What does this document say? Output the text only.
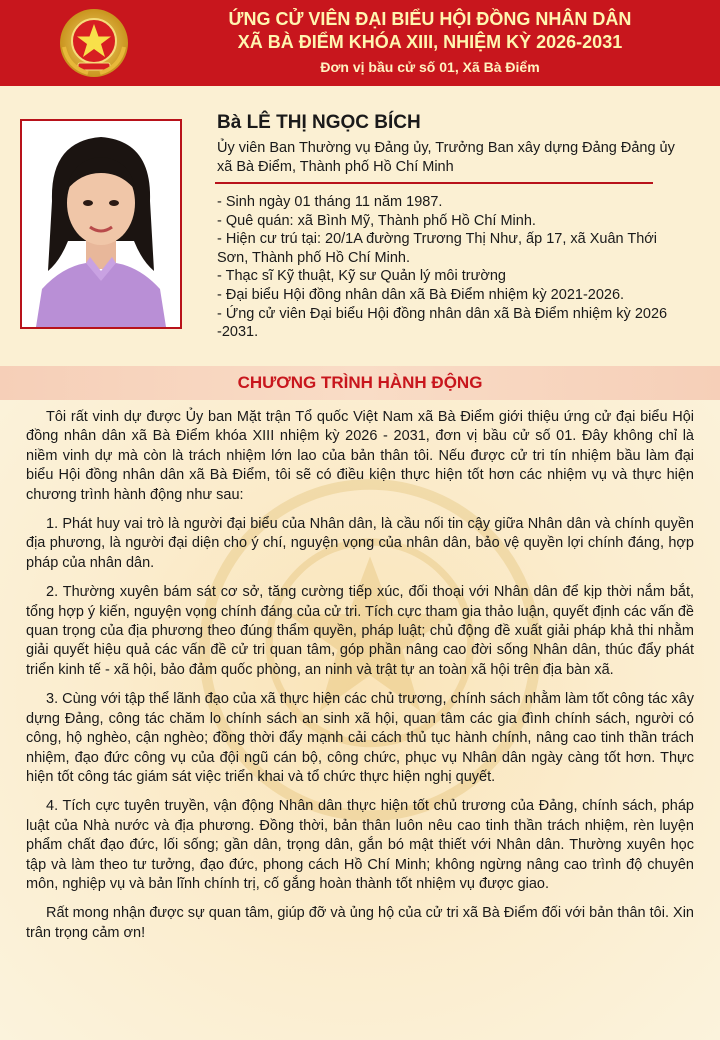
ỨNG CỬ VIÊN ĐẠI BIỂU HỘI ĐỒNG NHÂN DÂN
XÃ BÀ ĐIỂM KHÓA XIII, NHIỆM KỲ 2026-2031
Đơn vị bầu cử số 01, Xã Bà Điểm
Bà LÊ THỊ NGỌC BÍCH
Ủy viên Ban Thường vụ Đảng ủy, Trưởng Ban xây dựng Đảng Đảng ủy xã Bà Điểm, Thành phố Hồ Chí Minh
- Sinh ngày 01 tháng 11 năm 1987.
- Quê quán: xã Bình Mỹ, Thành phố Hồ Chí Minh.
- Hiện cư trú tại: 20/1A đường Trương Thị Như, ấp 17, xã Xuân Thới Sơn, Thành phố Hồ Chí Minh.
- Thạc sĩ Kỹ thuật, Kỹ sư Quản lý môi trường
- Đại biểu Hội đồng nhân dân xã Bà Điểm nhiệm kỳ 2021-2026.
- Ứng cử viên Đại biểu Hội đồng nhân dân xã Bà Điểm nhiệm kỳ 2026 -2031.
CHƯƠNG TRÌNH HÀNH ĐỘNG

Tôi rất vinh dự được Ủy ban Mặt trận Tổ quốc Việt Nam xã Bà Điểm giới thiệu ứng cử đại biểu Hội đồng nhân dân xã Bà Điểm khóa XIII nhiệm kỳ 2026 - 2031, đơn vị bầu cử số 01. Đây không chỉ là niềm vinh dự mà còn là trách nhiệm lớn lao của bản thân tôi. Nếu được cử tri tín nhiệm bầu làm đại biểu Hội đồng nhân dân xã Bà Điểm, tôi sẽ có điều kiện thực hiện tốt hơn các nhiệm vụ và thực hiện chương trình hành động như sau:

1. Phát huy vai trò là người đại biểu của Nhân dân, là cầu nối tin cậy giữa Nhân dân và chính quyền địa phương, là người đại diện cho ý chí, nguyện vọng của nhân dân, bảo vệ quyền lợi chính đáng, hợp pháp của nhân dân.

2. Thường xuyên bám sát cơ sở, tăng cường tiếp xúc, đối thoại với Nhân dân để kịp thời nắm bắt, tổng hợp ý kiến, nguyện vọng chính đáng của cử tri. Tích cực tham gia thảo luận, quyết định các vấn đề quan trọng của địa phương theo đúng thẩm quyền, pháp luật; chủ động đề xuất giải pháp khả thi nhằm giải quyết hiệu quả các vấn đề cử tri quan tâm, góp phần nâng cao đời sống Nhân dân, thúc đẩy phát triển kinh tế - xã hội, bảo đảm quốc phòng, an ninh và trật tự an toàn xã hội trên địa bàn xã.

3. Cùng với tập thể lãnh đạo của xã thực hiện các chủ trương, chính sách nhằm làm tốt công tác xây dựng Đảng, công tác chăm lo chính sách an sinh xã hội, quan tâm các gia đình chính sách, người có công, hộ nghèo, cận nghèo; đồng thời đẩy mạnh cải cách thủ tục hành chính, nâng cao tinh thần trách nhiệm, đạo đức công vụ của đội ngũ cán bộ, công chức, phục vụ Nhân dân ngày càng tốt hơn. Thực hiện tốt công tác giám sát việc triển khai và tổ chức thực hiện nghị quyết.

4. Tích cực tuyên truyền, vận động Nhân dân thực hiện tốt chủ trương của Đảng, chính sách, pháp luật của Nhà nước và địa phương. Đồng thời, bản thân luôn nêu cao tinh thần trách nhiệm, rèn luyện phẩm chất đạo đức, lối sống; gần dân, trọng dân, gắn bó mật thiết với Nhân dân. Thường xuyên học tập và làm theo tư tưởng, đạo đức, phong cách Hồ Chí Minh; không ngừng nâng cao trình độ chuyên môn, nghiệp vụ và bản lĩnh chính trị, cố gắng hoàn thành tốt nhiệm vụ được giao.

Rất mong nhận được sự quan tâm, giúp đỡ và ủng hộ của cử tri xã Bà Điểm đối với bản thân tôi. Xin trân trọng cảm ơn!
